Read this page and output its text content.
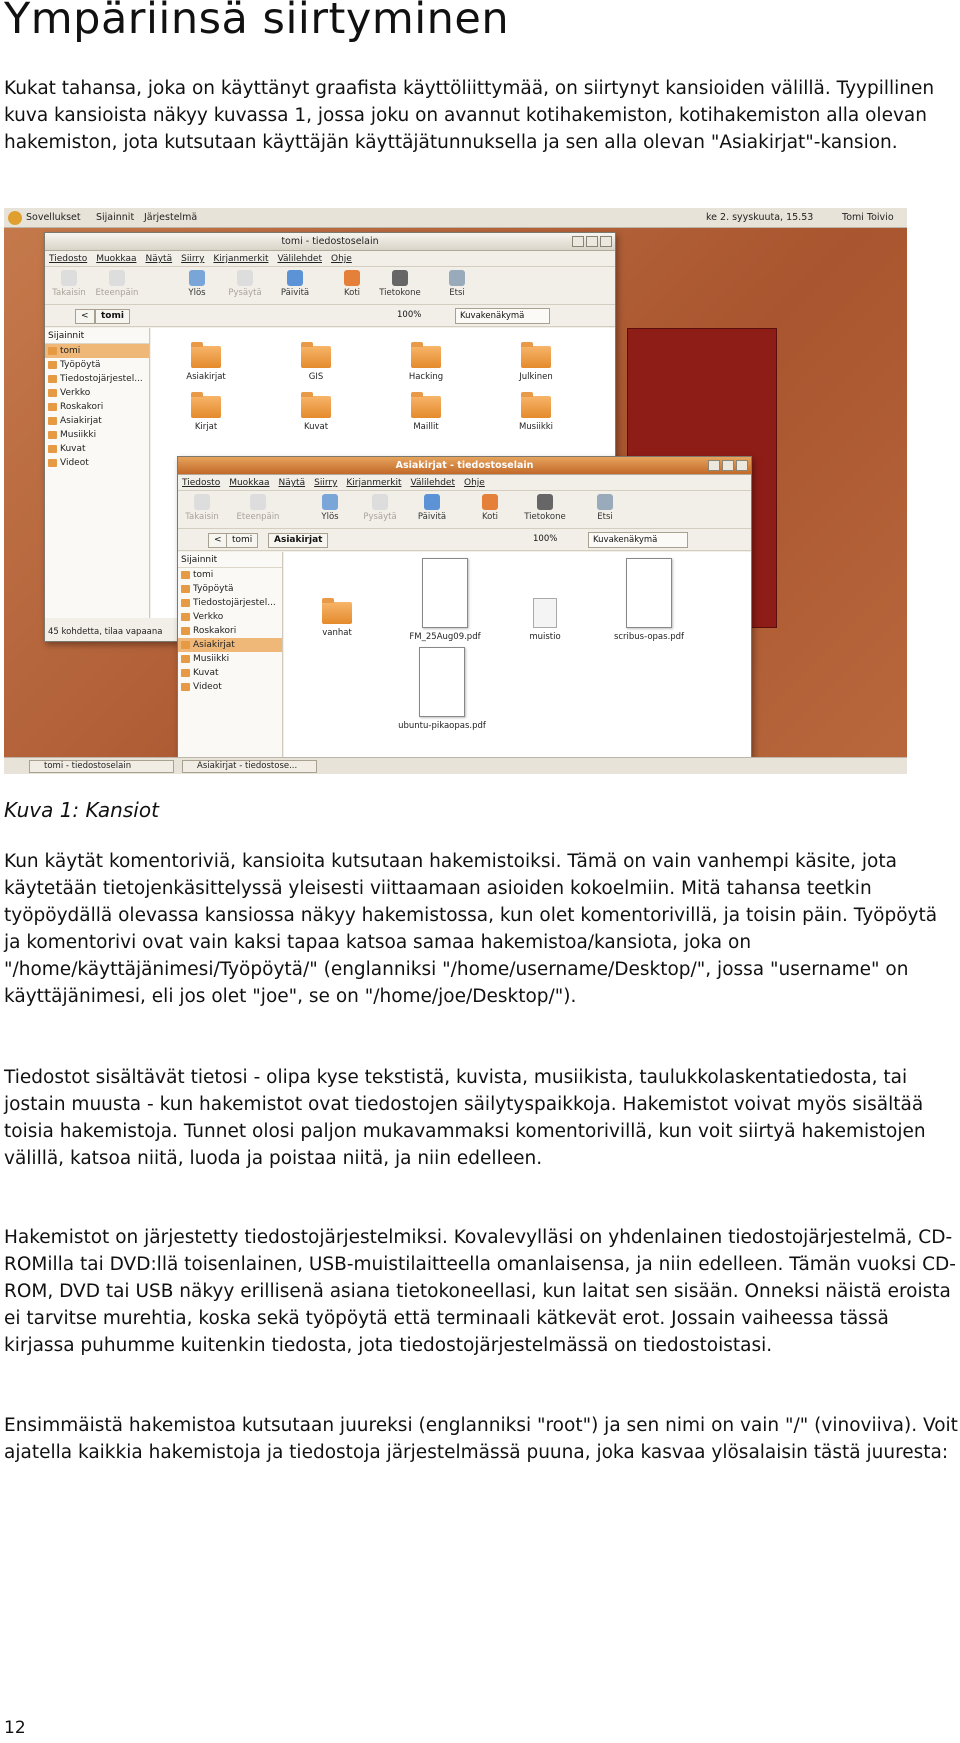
Ympäriinsä siirtyminen

Kukat tahansa, joka on käyttänyt graafista käyttöliittymää, on siirtynyt kansioiden välillä. Tyypillinen kuva kansioista näkyy kuvassa 1, jossa joku on avannut kotihakemiston, kotihakemiston alla olevan hakemiston, jota kutsutaan käyttäjän käyttäjätunnuksella ja sen alla olevan "Asiakirjat"-kansion.

Sovellukset Sijainnit Järjestelmä	ke 2. syyskuuta, 15.53	Tomi Toivio
tomi - tiedostoselain
Tiedosto Muokkaa Näytä Siirry Kirjanmerkit Välilehdet Ohje
Takaisin	Eteenpäin	Ylös	Pysäytä	Päivitä	Koti	Tietokone	Etsi
<	tomi	100%	Kuvakenäkymä
Sijainnit
tomi
Työpöytä
Tiedostojärjestel...
Verkko
Roskakori
Asiakirjat
Musiikki
Kuvat
Videot
Asiakirjat	GIS	Hacking	Julkinen
Kirjat	Kuvat	Maillit	Musiikki
45 kohdetta, tilaa vapaana
Asiakirjat - tiedostoselain
Tiedosto Muokkaa Näytä Siirry Kirjanmerkit Välilehdet Ohje
Takaisin	Eteenpäin	Ylös	Pysäytä	Päivitä	Koti	Tietokone	Etsi
<	tomi	Asiakirjat	100%	Kuvakenäkymä
Sijainnit
tomi
Työpöytä
Tiedostojärjestel...
Verkko
Roskakori
Asiakirjat
Musiikki
Kuvat
Videot
vanhat	FM_25Aug09.pdf	muistio	scribus-opas.pdf
ubuntu-pikaopas.pdf
tomi - tiedostoselain	Asiakirjat - tiedostose...

Kuva 1: Kansiot

Kun käytät komentoriviä, kansioita kutsutaan hakemistoiksi. Tämä on vain vanhempi käsite, jota käytetään tietojenkäsittelyssä yleisesti viittaamaan asioiden kokoelmiin. Mitä tahansa teetkin työpöydällä olevassa kansiossa näkyy hakemistossa, kun olet komentorivillä, ja toisin päin. Työpöytä ja komentorivi ovat vain kaksi tapaa katsoa samaa hakemistoa/kansiota, joka on "/home/käyttäjänimesi/Työpöytä/" (englanniksi "/home/username/Desktop/", jossa "username" on käyttäjänimesi, eli jos olet "joe", se on "/home/joe/Desktop/").

Tiedostot sisältävät tietosi - olipa kyse tekstistä, kuvista, musiikista, taulukkolaskentatiedosta, tai jostain muusta - kun hakemistot ovat tiedostojen säilytyspaikkoja. Hakemistot voivat myös sisältää toisia hakemistoja. Tunnet olosi paljon mukavammaksi komentorivillä, kun voit siirtyä hakemistojen välillä, katsoa niitä, luoda ja poistaa niitä, ja niin edelleen.

Hakemistot on järjestetty tiedostojärjestelmiksi. Kovalevylläsi on yhdenlainen tiedostojärjestelmä, CD-ROMilla tai DVD:llä toisenlainen, USB-muistilaitteella omanlaisensa, ja niin edelleen. Tämän vuoksi CD-ROM, DVD tai USB näkyy erillisenä asiana tietokoneellasi, kun laitat sen sisään. Onneksi näistä eroista ei tarvitse murehtia, koska sekä työpöytä että terminaali kätkevät erot. Jossain vaiheessa tässä kirjassa puhumme kuitenkin tiedosta, jota tiedostojärjestelmässä on tiedostoistasi.

Ensimmäistä hakemistoa kutsutaan juureksi (englanniksi "root") ja sen nimi on vain "/" (vinoviiva). Voit ajatella kaikkia hakemistoja ja tiedostoja järjestelmässä puuna, joka kasvaa ylösalaisin tästä juuresta:

12
